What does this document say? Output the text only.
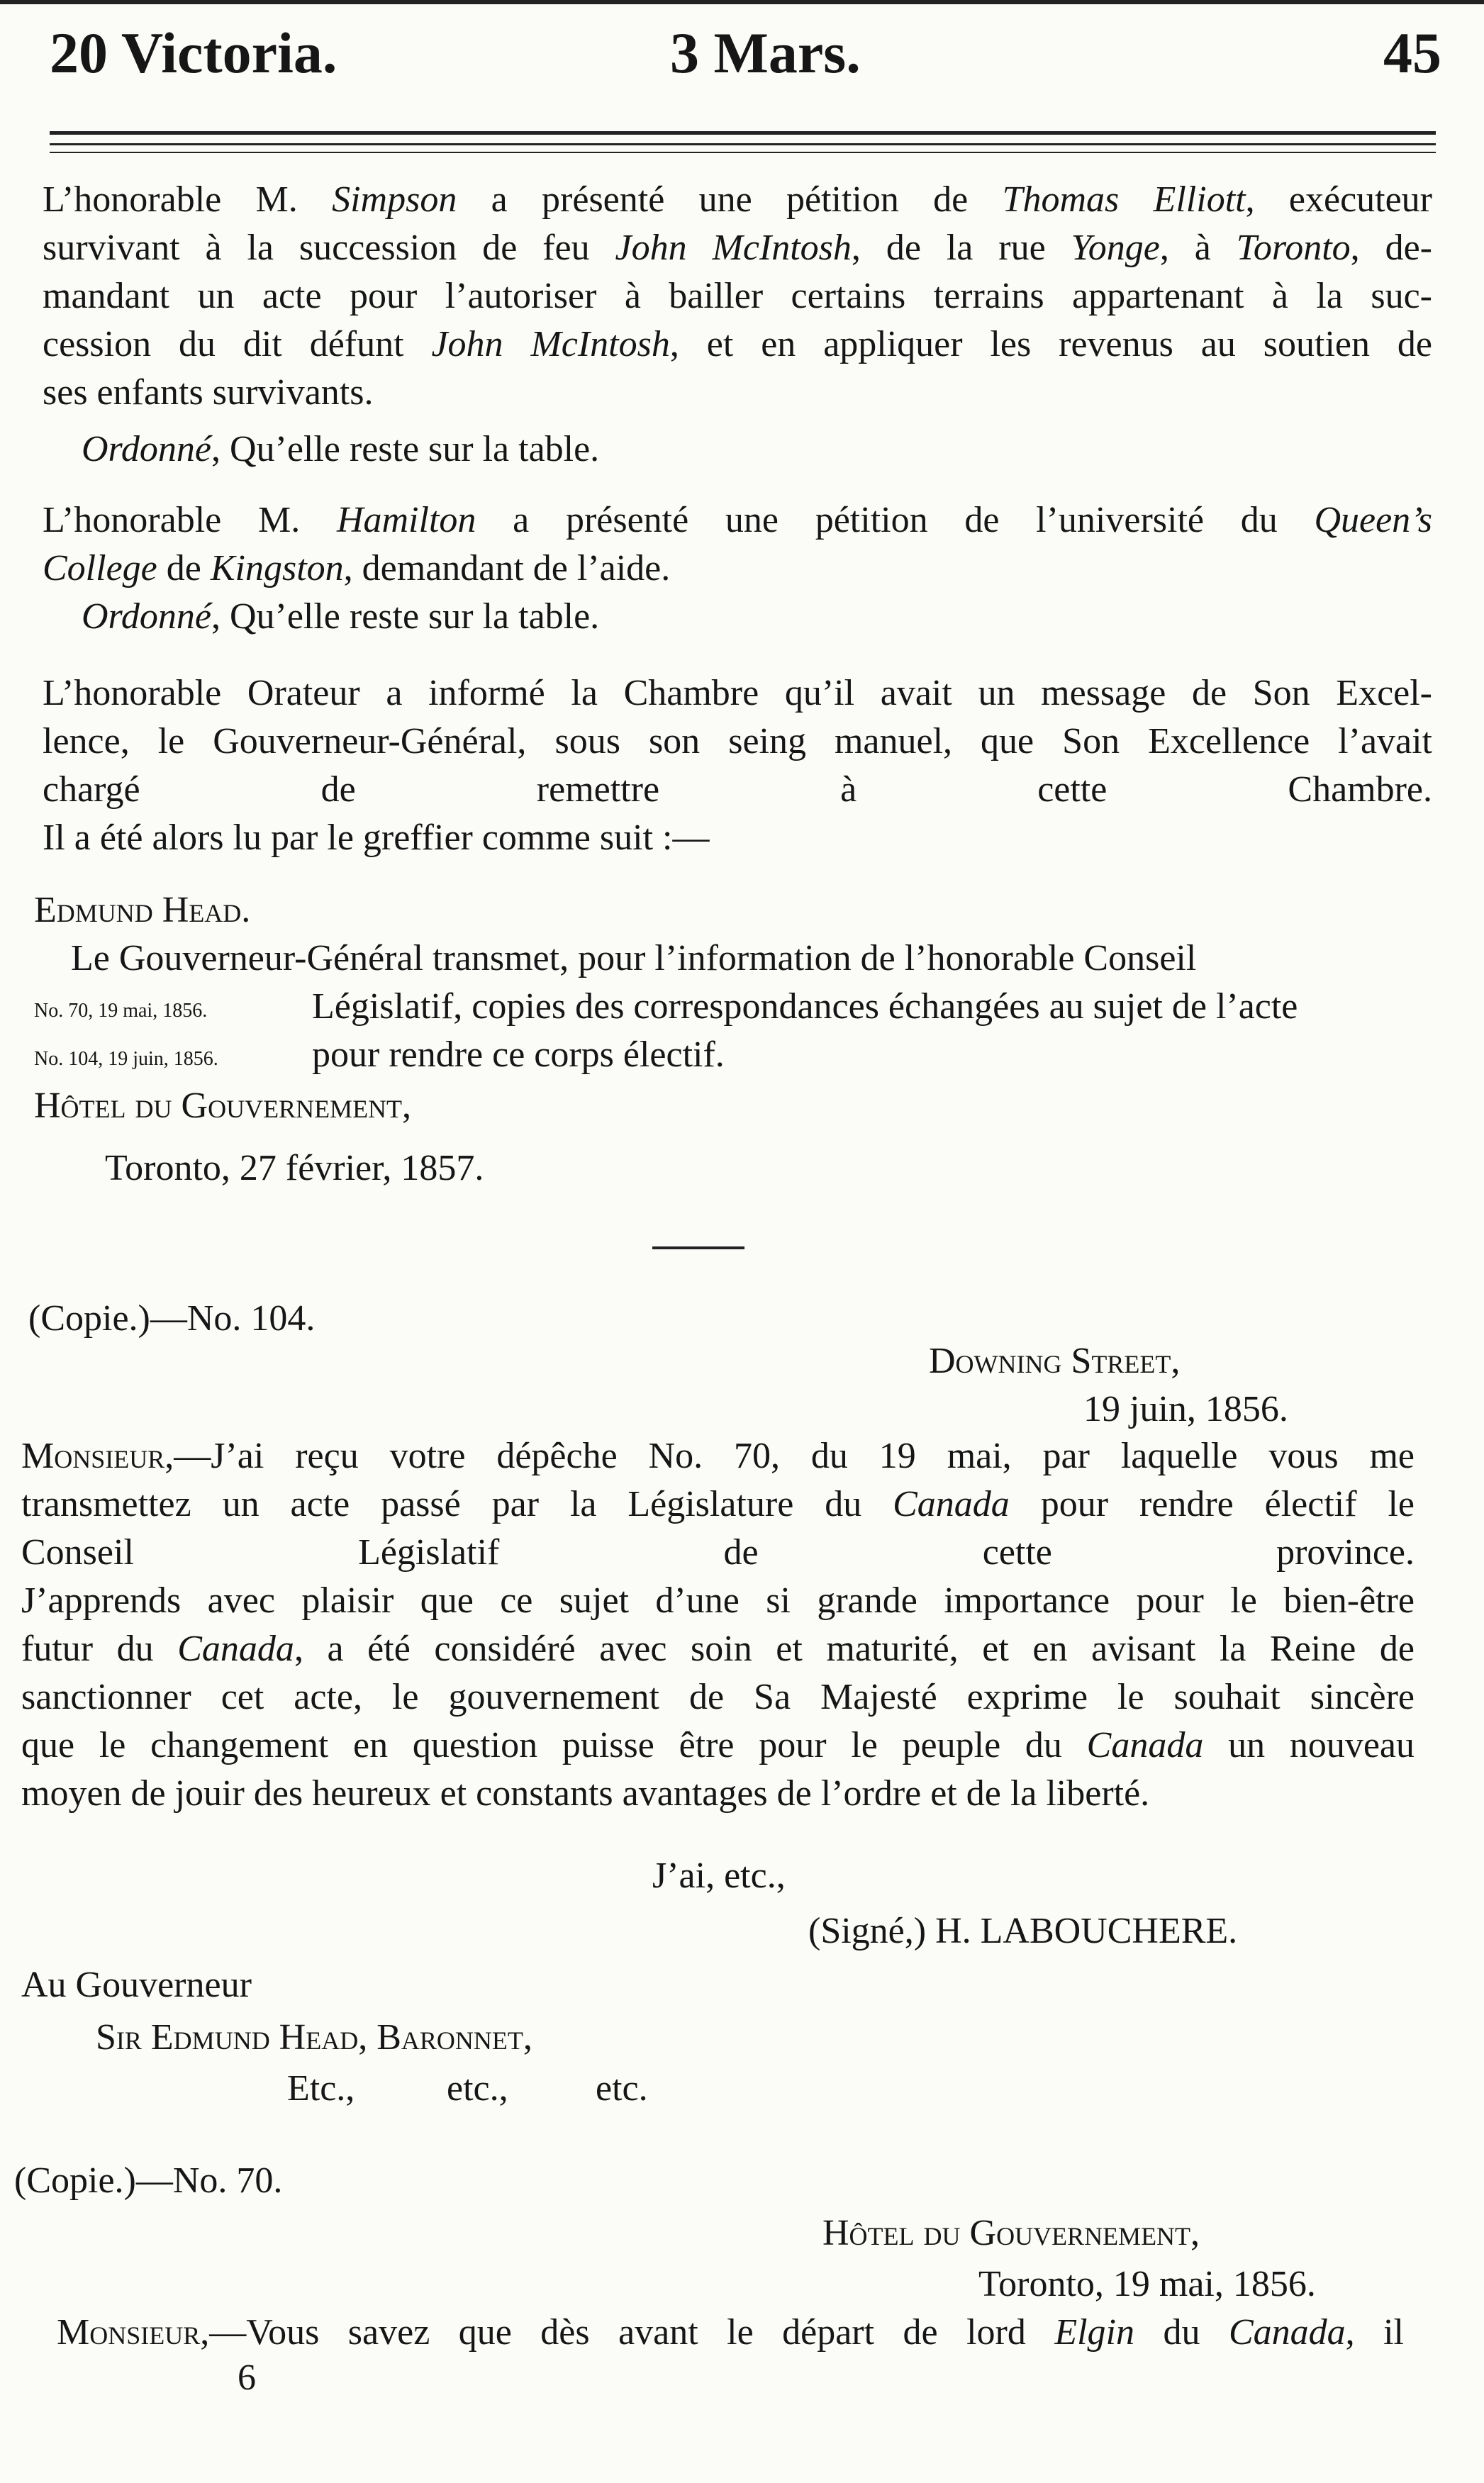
20 Victoria.	3 Mars.	45
L’honorable M. Simpson a présenté une pétition de Thomas Elliott, exécuteur
survivant à la succession de feu John McIntosh, de la rue Yonge, à Toronto, de-
mandant un acte pour l’autoriser à bailler certains terrains appartenant à la suc-
cession du dit défunt John McIntosh, et en appliquer les revenus au soutien de
ses enfants survivants.
Ordonné, Qu’elle reste sur la table.
L’honorable M. Hamilton a présenté une pétition de l’université du Queen’s
College de Kingston, demandant de l’aide.
Ordonné, Qu’elle reste sur la table.
L’honorable Orateur a informé la Chambre qu’il avait un message de Son Excel-
lence, le Gouverneur-Général, sous son seing manuel, que Son Excellence l’avait
chargé de remettre à cette Chambre.
Il a été alors lu par le greffier comme suit :—
Edmund Head.
Le Gouverneur-Général transmet, pour l’information de l’honorable Conseil
No. 70, 19 mai, 1856.	Législatif, copies des correspondances échangées au sujet de l’acte
No. 104, 19 juin, 1856.	pour rendre ce corps électif.
Hôtel du Gouvernement,
Toronto, 27 février, 1857.
(Copie.)—No. 104.
Downing Street,
19 juin, 1856.
Monsieur,—J’ai reçu votre dépêche No. 70, du 19 mai, par laquelle vous me
transmettez un acte passé par la Législature du Canada pour rendre électif le
Conseil Législatif de cette province.
J’apprends avec plaisir que ce sujet d’une si grande importance pour le bien-être
futur du Canada, a été considéré avec soin et maturité, et en avisant la Reine de
sanctionner cet acte, le gouvernement de Sa Majesté exprime le souhait sincère
que le changement en question puisse être pour le peuple du Canada un nouveau
moyen de jouir des heureux et constants avantages de l’ordre et de la liberté.
J’ai, etc.,
(Signé,) H. LABOUCHERE.
Au Gouverneur
Sir Edmund Head, Baronnet,
Etc., etc., etc.
(Copie.)—No. 70.
Hôtel du Gouvernement,
Toronto, 19 mai, 1856.
Monsieur,—Vous savez que dès avant le départ de lord Elgin du Canada, il
6
